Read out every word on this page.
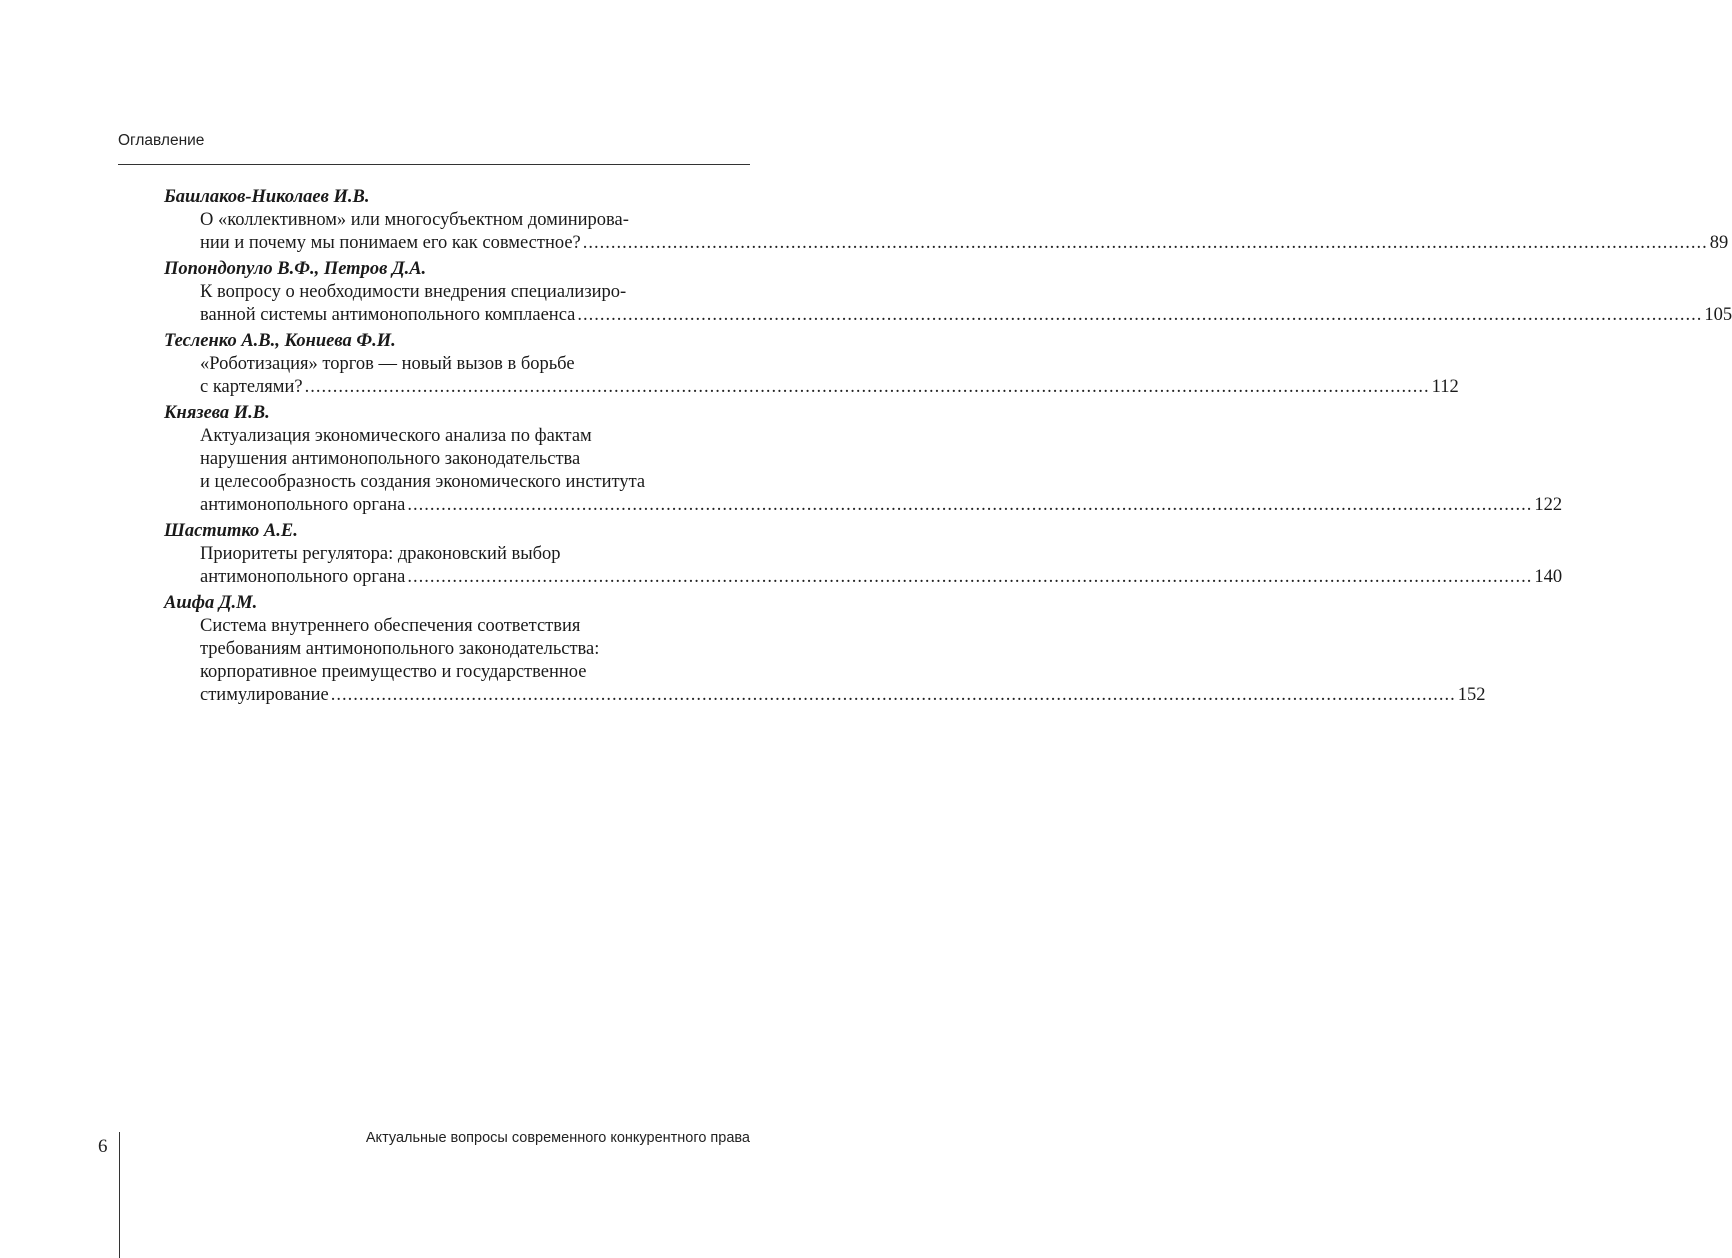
Оглавление
Башлаков-Николаев И.В.
О «коллективном» или многосубъектном доминирова-
нии и почему мы понимаем его как совместное? ........................................................................................................................................................................................................ 89
Попондопуло В.Ф., Петров Д.А.
К вопросу о необходимости внедрения специализиро-
ванной системы антимонопольного комплаенса ........................................................................................................................................................................................................ 105
Тесленко А.В., Кониева Ф.И.
«Роботизация» торгов — новый вызов в борьбе
с картелями? ........................................................................................................................................................................................................ 112
Князева И.В.
Актуализация экономического анализа по фактам
нарушения антимонопольного законодательства
и целесообразность создания экономического института
антимонопольного органа ........................................................................................................................................................................................................ 122
Шаститко А.Е.
Приоритеты регулятора: драконовский выбор
антимонопольного органа ........................................................................................................................................................................................................ 140
Ашфа Д.М.
Система внутреннего обеспечения соответствия
требованиям антимонопольного законодательства:
корпоративное преимущество и государственное
стимулирование ........................................................................................................................................................................................................ 152
6	Актуальные вопросы современного конкурентного права
